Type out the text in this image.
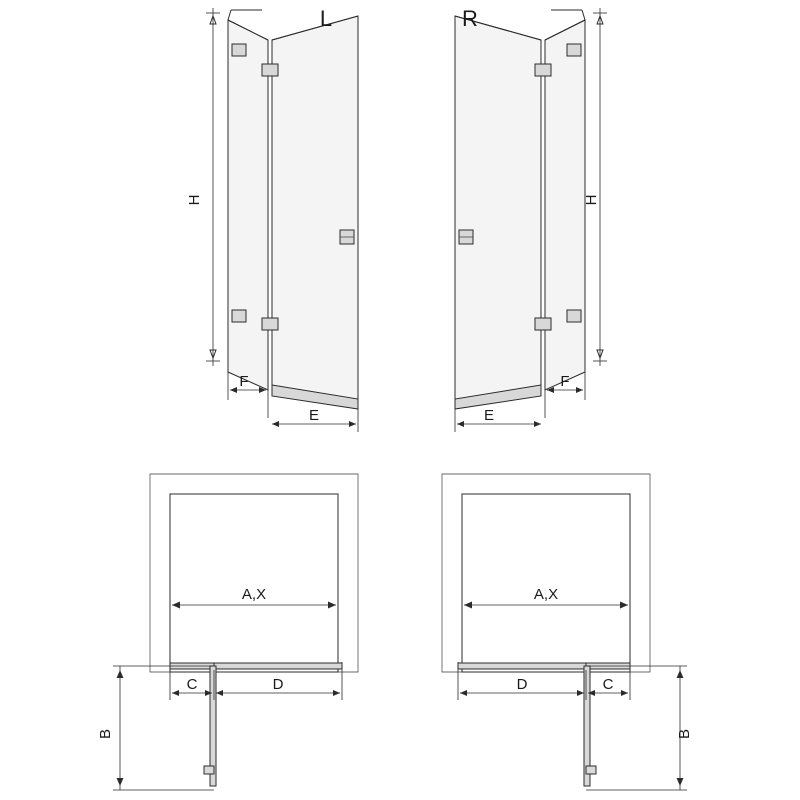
F
E
H
L
F
E
H
R
A,X
B
C	D
A,X
B
D	C
